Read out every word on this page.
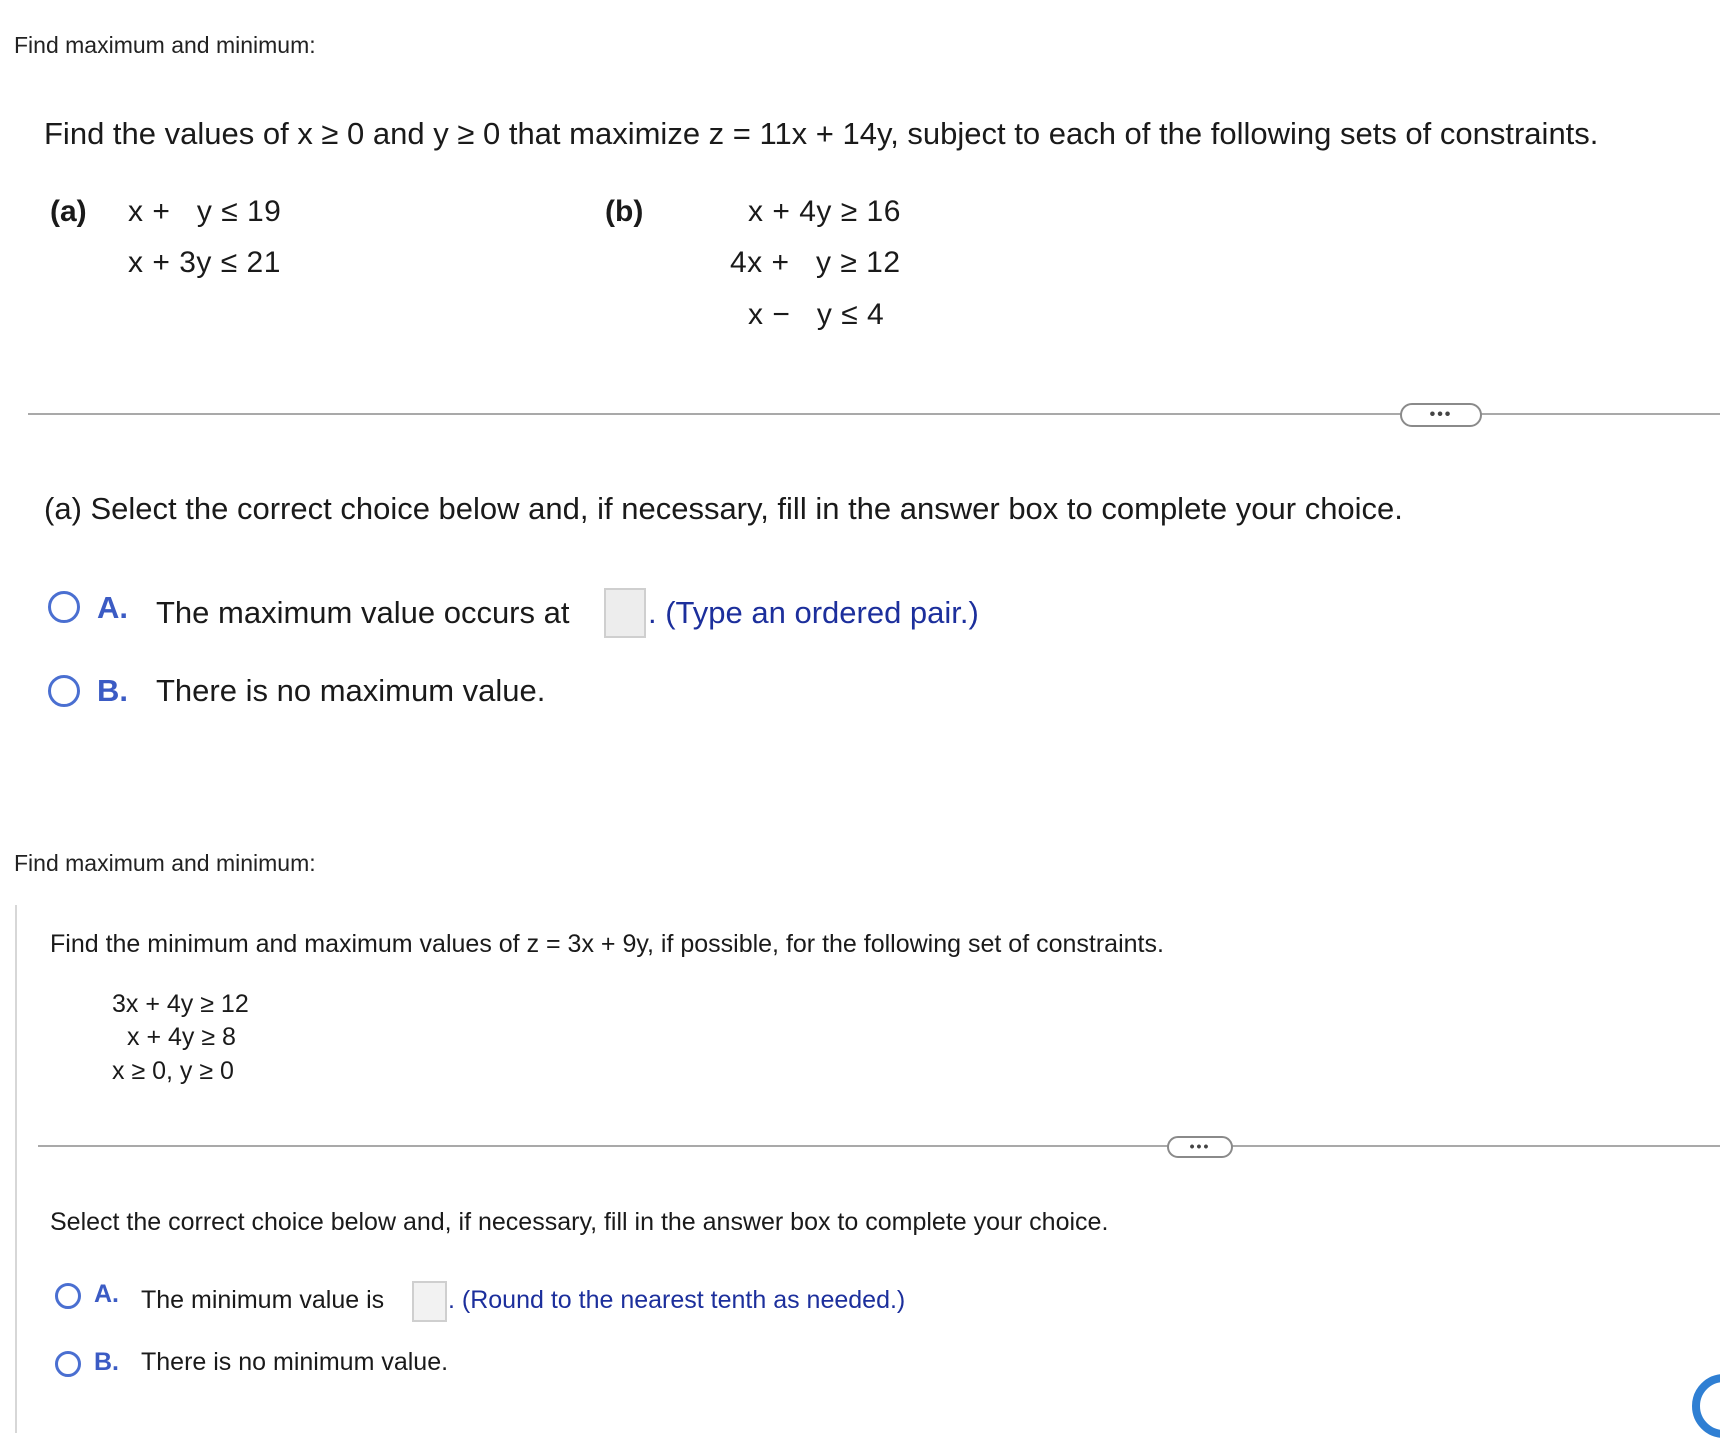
Find maximum and minimum:
Find the values of x ≥ 0 and y ≥ 0 that maximize z = 11x + 14y, subject to each of the following sets of constraints.
(a) x +   y ≤ 19
x + 3y ≤ 21
(b)	x + 4y ≥ 16
4x +   y ≥ 12
x −   y ≤ 4
•••
(a) Select the correct choice below and, if necessary, fill in the answer box to complete your choice.
A. The maximum value occurs at	. (Type an ordered pair.)
B. There is no maximum value.
Find maximum and minimum:
Find the minimum and maximum values of z = 3x + 9y, if possible, for the following set of constraints.
3x + 4y ≥ 12
x + 4y ≥ 8
x ≥ 0, y ≥ 0
•••
Select the correct choice below and, if necessary, fill in the answer box to complete your choice.
A. The minimum value is	. (Round to the nearest tenth as needed.)
B. There is no minimum value.
